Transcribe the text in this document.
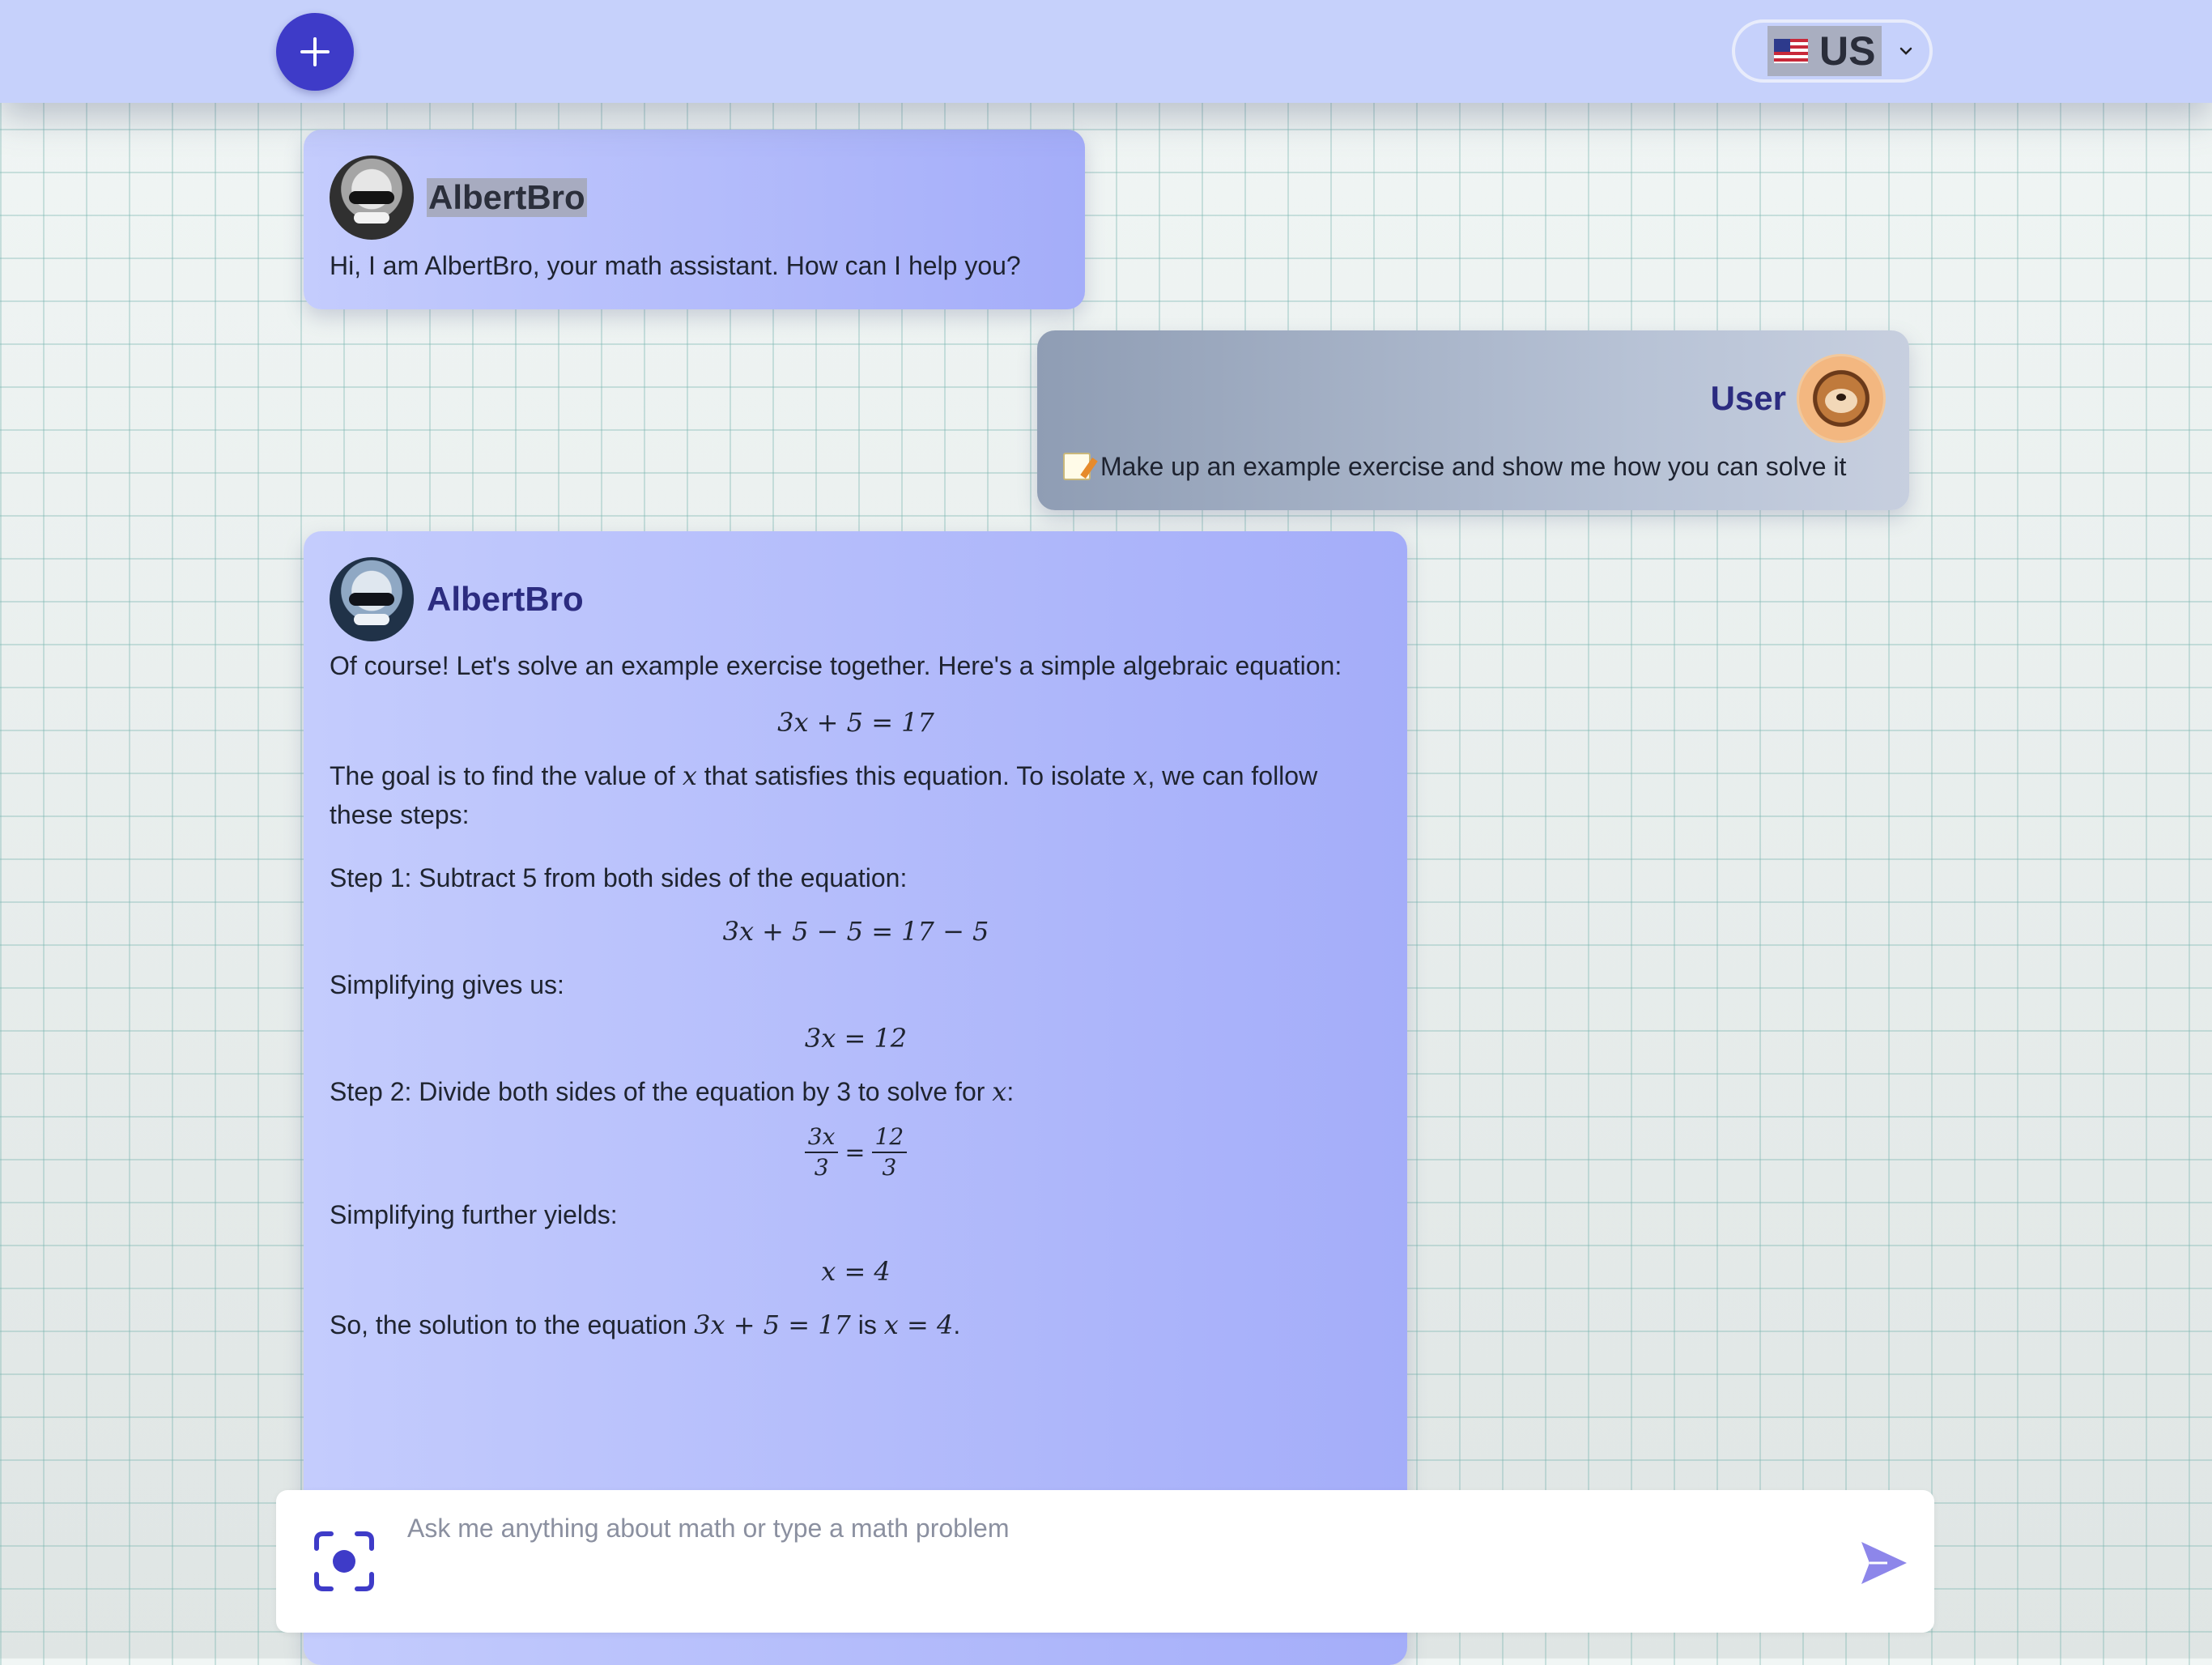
US
AlbertBro
Hi, I am AlbertBro, your math assistant. How can I help you?
User
Make up an example exercise and show me how you can solve it
AlbertBro

Of course! Let's solve an example exercise together. Here's a simple algebraic equation:

3x + 5 = 17

The goal is to find the value of x that satisfies this equation. To isolate x, we can follow these steps:

Step 1: Subtract 5 from both sides of the equation:

3x + 5 − 5 = 17 − 5

Simplifying gives us:

3x = 12

Step 2: Divide both sides of the equation by 3 to solve for x:

$\frac{3x}{3} = \frac{12}{3}$

Simplifying further yields:

x = 4

So, the solution to the equation 3x + 5 = 17 is x = 4.

Ask me anything about math or type a math problem
